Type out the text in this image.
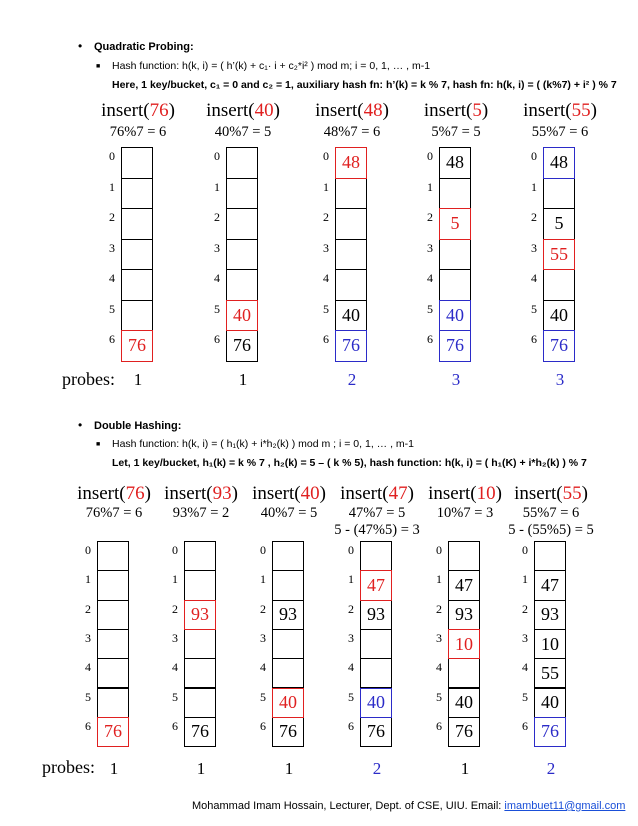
• Quadratic Probing:
■ Hash function: h(k, i) = ( h’(k) + c₁· i + c₂*i² ) mod m; i = 0, 1, … , m-1
Here, 1 key/bucket, c₁ = 0 and c₂ = 1, auxiliary hash fn: h’(k) = k % 7, hash fn: h(k, i) = ( (k%7) + i² ) % 7
insert(76)
76%7 = 6
0
1
2
3
4
5
6 76
1
insert(40)
40%7 = 5
0
1
2
3
4
5 40
6 76
1
insert(48)
48%7 = 6
0 48
1
2
3
4
5 40
6 76
2
insert(5)
5%7 = 5
0 48
1
2 5
3
4
5 40
6 76
3
insert(55)
55%7 = 6
0 48
1
2 5
3 55
4
5 40
6 76
3
probes:
• Double Hashing:
■ Hash function: h(k, i) = ( h₁(k) + i*h₂(k) ) mod m ; i = 0, 1, … , m-1
Let, 1 key/bucket, h₁(k) = k % 7 , h₂(k) = 5 – ( k % 5), hash function: h(k, i) = ( h₁(K) + i*h₂(k) ) % 7
insert(76)
76%7 = 6
0
1
2
3
4
5
6 76
1
insert(93)
93%7 = 2
0
1
2 93
3
4
5
6 76
1
insert(40)
40%7 = 5
0
1
2 93
3
4
5 40
6 76
1
insert(47)
47%7 = 5
5 - (47%5) = 3
0
1 47
2 93
3
4
5 40
6 76
2
insert(10)
10%7 = 3
0
1 47
2 93
3 10
4
5 40
6 76
1
insert(55)
55%7 = 6
5 - (55%5) = 5
0
1 47
2 93
3 10
4 55
5 40
6 76
2
probes:
Mohammad Imam Hossain, Lecturer, Dept. of CSE, UIU. Email: imambuet11@gmail.com
